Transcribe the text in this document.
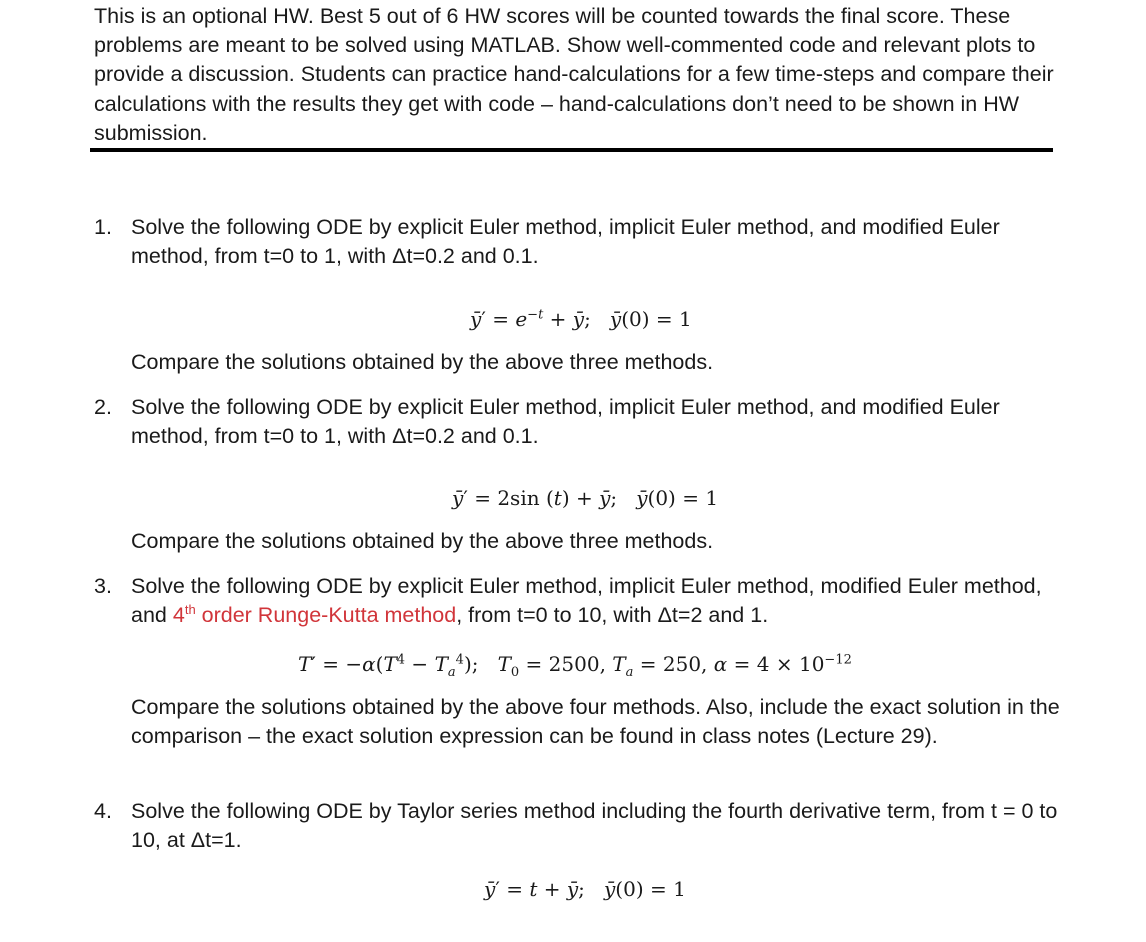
This is an optional HW. Best 5 out of 6 HW scores will be counted towards the final score. These problems are meant to be solved using MATLAB. Show well-commented code and relevant plots to provide a discussion. Students can practice hand-calculations for a few time-steps and compare their calculations with the results they get with code – hand-calculations don’t need to be shown in HW submission.
1. Solve the following ODE by explicit Euler method, implicit Euler method, and modified Euler method, from t=0 to 1, with Δt=0.2 and 0.1.
ȳ′ = $e^{-t}$ + ȳ;   ȳ(0) = 1
Compare the solutions obtained by the above three methods.
2. Solve the following ODE by explicit Euler method, implicit Euler method, and modified Euler method, from t=0 to 1, with Δt=0.2 and 0.1.
ȳ′ = 2sin (t) + ȳ;   ȳ(0) = 1
Compare the solutions obtained by the above three methods.
3. Solve the following ODE by explicit Euler method, implicit Euler method, modified Euler method, and 4th order Runge-Kutta method, from t=0 to 10, with Δt=2 and 1.
$T' = -\alpha(T^4 - T_a^4)$;   $T_0 = 2500$, $T_a = 250$, $\alpha = 4 \times 10^{-12}$
Compare the solutions obtained by the above four methods. Also, include the exact solution in the comparison – the exact solution expression can be found in class notes (Lecture 29).
4. Solve the following ODE by Taylor series method including the fourth derivative term, from t = 0 to 10, at Δt=1.
ȳ′ = t + ȳ;   ȳ(0) = 1
